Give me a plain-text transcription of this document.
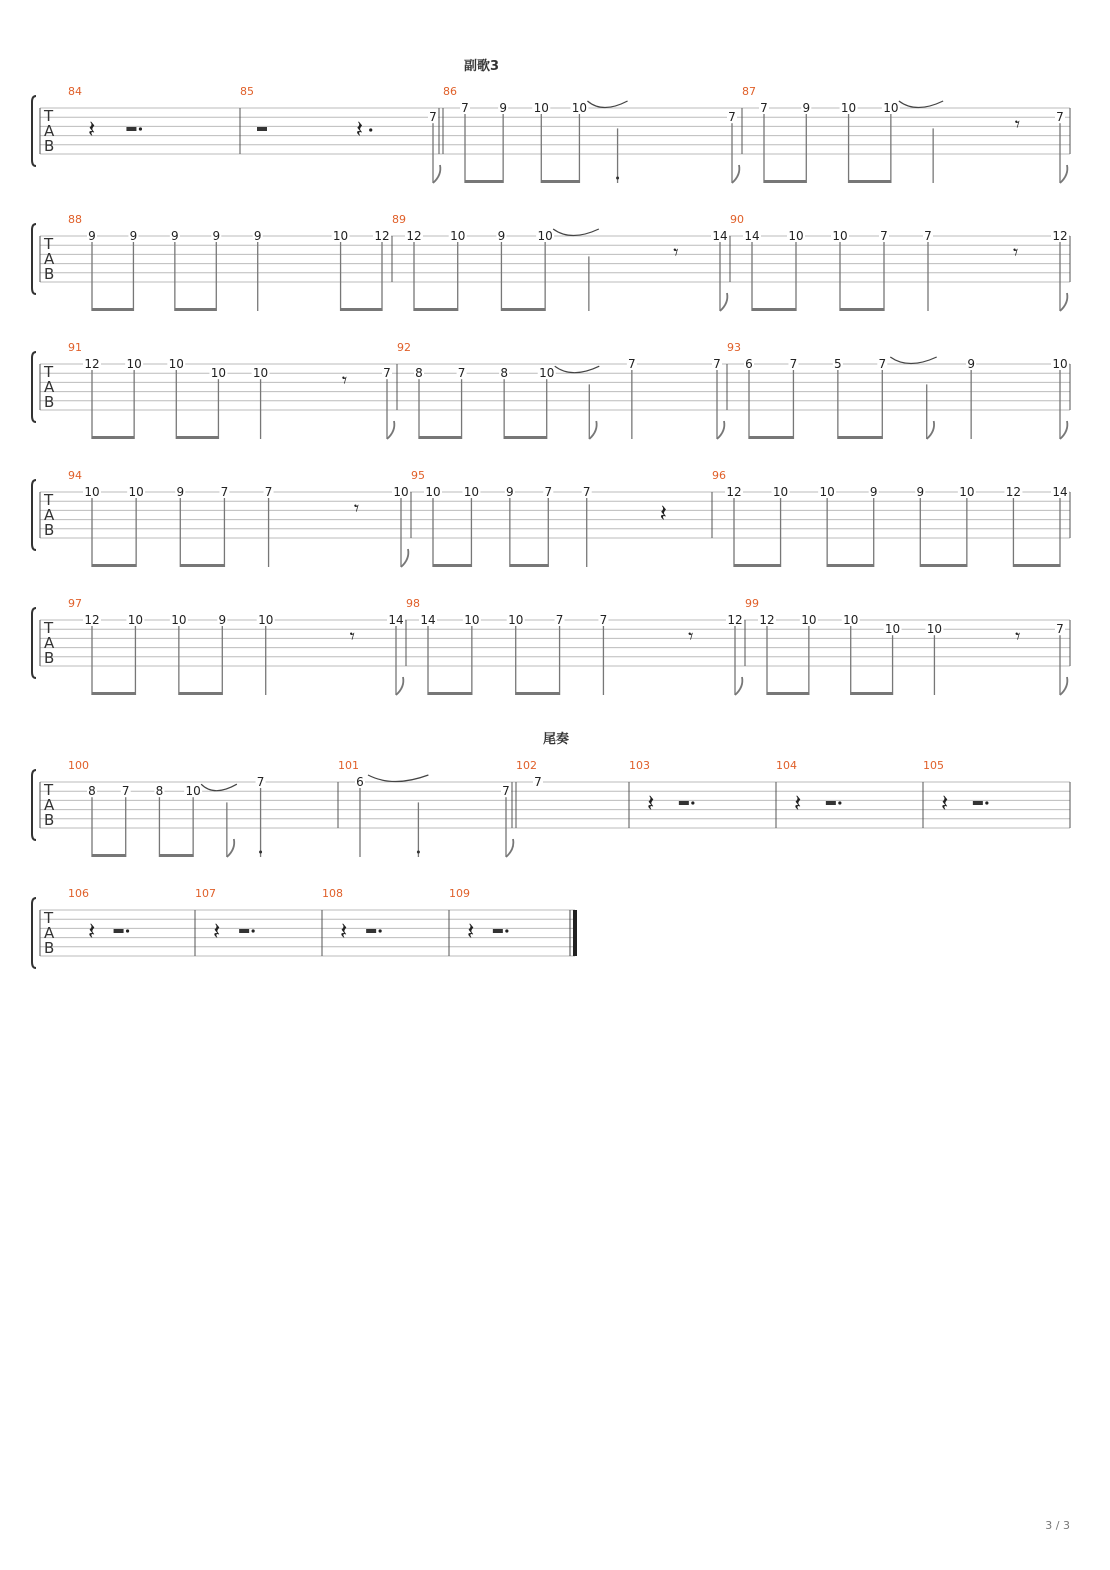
副歌3
尾奏
3 / 3
T
A
B
84
𝄽
85
𝄽	7
86
7	9 10 10
7
87
7	9	10 10
𝄾	7
T
A
B
88
9	9	9	9	9	10 12
89
12 10	9	10
𝄾
14
90
14 10 10	7	7
𝄾
12
T
A
B
91
12 10 10
10 10	𝄾	7
92
8	7	8	10
7	7
93
6	7	5	7	9	10
T
A
B
94
10 10	9	7	7
𝄾
10
95
10 10 9	7	7
𝄽
96
12	10	10	9	9	10	12	14
T
A
B
97
12 10 10	9	10
𝄾
14
98
14 10 10	7	7
𝄾
12
99
12 10 10
10 10	𝄾	7
T
A
B
100
8 7 8 10
7
101
6
7
102
7
103
𝄽
104
𝄽
105
𝄽
T
A
B
106
𝄽
107
𝄽
108
𝄽
109
𝄽
